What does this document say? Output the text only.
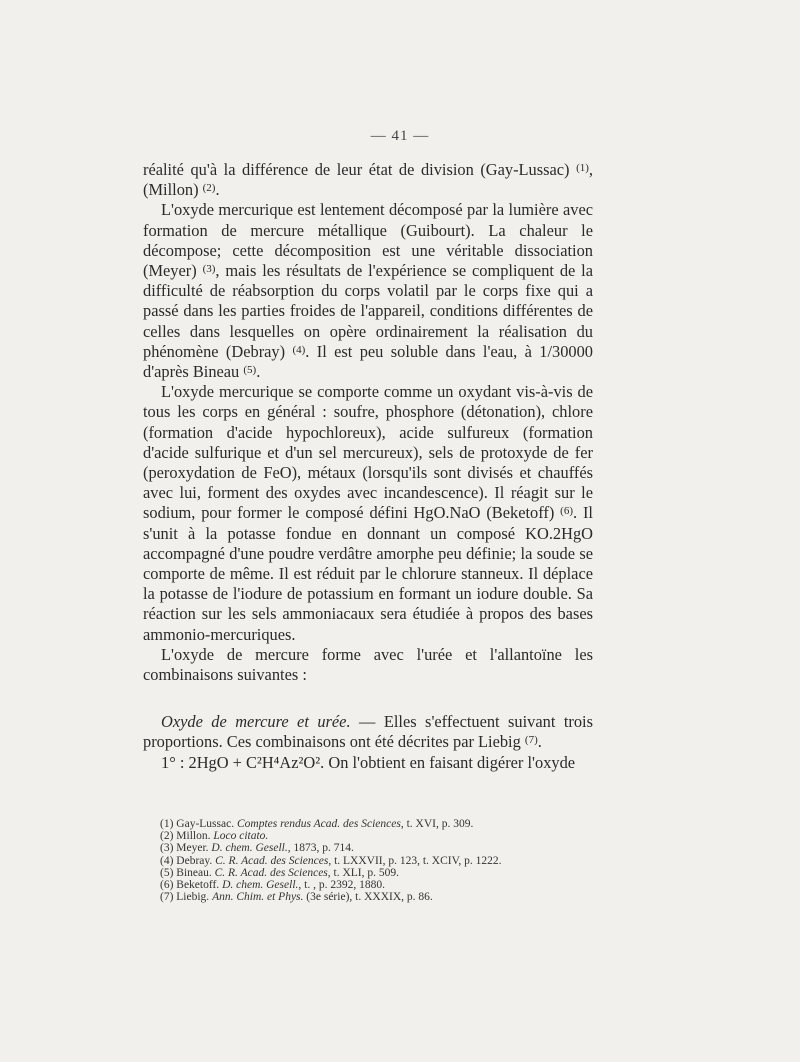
— 41 —

réalité qu'à la différence de leur état de division (Gay-Lussac) $^{(1)}$, (Millon) $^{(2)}$.

L'oxyde mercurique est lentement décomposé par la lumière avec formation de mercure métallique (Guibourt). La chaleur le décompose; cette décomposition est une véritable dissociation (Meyer) $^{(3)}$, mais les résultats de l'expérience se compliquent de la difficulté de réabsorption du corps volatil par le corps fixe qui a passé dans les parties froides de l'appareil, conditions différentes de celles dans lesquelles on opère ordinairement la réalisation du phénomène (Debray) $^{(4)}$. Il est peu soluble dans l'eau, à 1/30000 d'après Bineau $^{(5)}$.

L'oxyde mercurique se comporte comme un oxydant vis-à-vis de tous les corps en général : soufre, phosphore (détonation), chlore (formation d'acide hypochloreux), acide sulfureux (formation d'acide sulfurique et d'un sel mercureux), sels de protoxyde de fer (peroxydation de FeO), métaux (lorsqu'ils sont divisés et chauffés avec lui, forment des oxydes avec incandescence). Il réagit sur le sodium, pour former le composé défini HgO.NaO (Beketoff) $^{(6)}$. Il s'unit à la potasse fondue en donnant un composé KO.2HgO accompagné d'une poudre verdâtre amorphe peu définie; la soude se comporte de même. Il est réduit par le chlorure stanneux. Il déplace la potasse de l'iodure de potassium en formant un iodure double. Sa réaction sur les sels ammoniacaux sera étudiée à propos des bases ammonio-mercuriques.

L'oxyde de mercure forme avec l'urée et l'allantoïne les combinaisons suivantes :

Oxyde de mercure et urée. — Elles s'effectuent suivant trois proportions. Ces combinaisons ont été décrites par Liebig $^{(7)}$.

1° : 2HgO + C²H⁴Az²O². On l'obtient en faisant digérer l'oxyde

(1) Gay-Lussac. Comptes rendus Acad. des Sciences, t. XVI, p. 309.
(2) Millon. Loco citato.
(3) Meyer. D. chem. Gesell., 1873, p. 714.
(4) Debray. C. R. Acad. des Sciences, t. LXXVII, p. 123, t. XCIV, p. 1222.
(5) Bineau. C. R. Acad. des Sciences, t. XLI, p. 509.
(6) Beketoff. D. chem. Gesell., t. , p. 2392, 1880.
(7) Liebig. Ann. Chim. et Phys. (3e série), t. XXXIX, p. 86.
